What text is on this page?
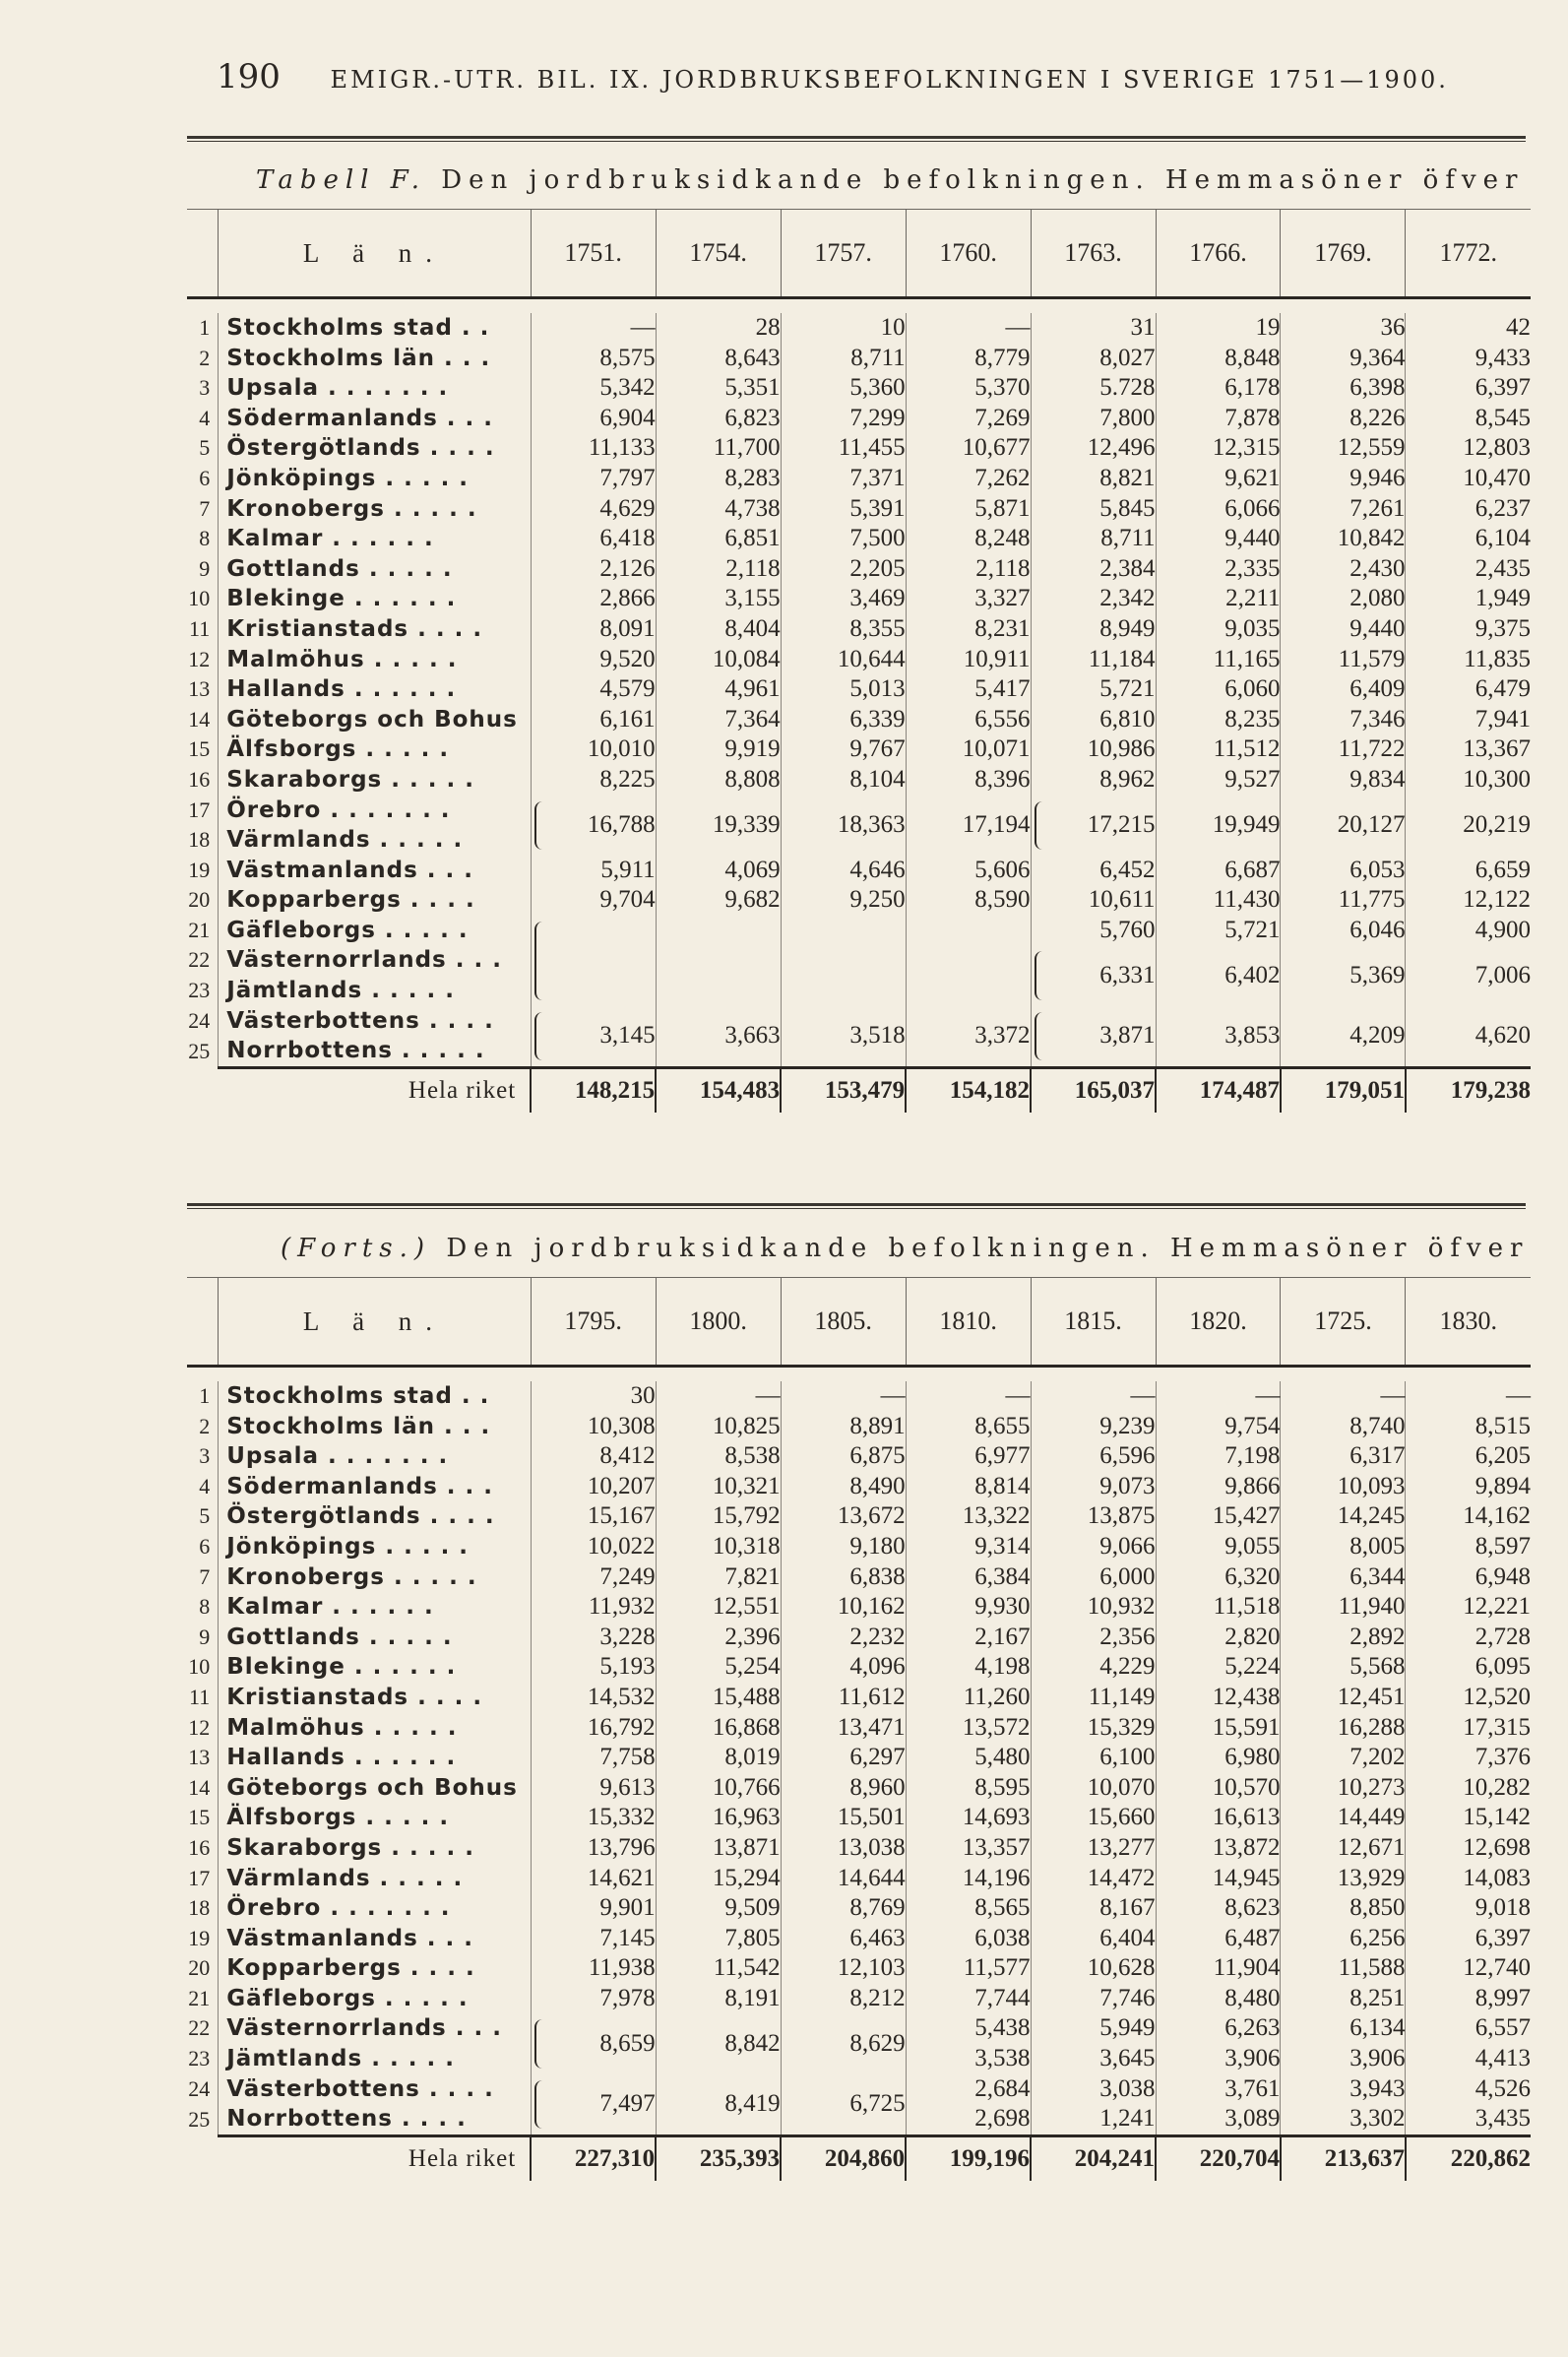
190 EMIGR.-UTR. BIL. IX. JORDBRUKSBEFOLKNINGEN I SVERIGE 1751—1900.
Tabell F. Den jordbruksidkande befolkningen. Hemmasöner öfver
	L ä n.	1751.	1754.	1757.	1760.	1763.	1766.	1769.	1772.

1	Stockholms stad . .	—	28	10	—	31	19	36	42
2	Stockholms län . . .	8,575	8,643	8,711	8,779	8,027	8,848	9,364	9,433
3	Upsala . . . . . . .	5,342	5,351	5,360	5,370	5.728	6,178	6,398	6,397
4	Södermanlands . . .	6,904	6,823	7,299	7,269	7,800	7,878	8,226	8,545
5	Östergötlands . . . .	11,133	11,700	11,455	10,677	12,496	12,315	12,559	12,803
6	Jönköpings . . . . .	7,797	8,283	7,371	7,262	8,821	9,621	9,946	10,470
7	Kronobergs . . . . .	4,629	4,738	5,391	5,871	5,845	6,066	7,261	6,237
8	Kalmar . . . . . .	6,418	6,851	7,500	8,248	8,711	9,440	10,842	6,104
9	Gottlands . . . . .	2,126	2,118	2,205	2,118	2,384	2,335	2,430	2,435
10	Blekinge . . . . . .	2,866	3,155	3,469	3,327	2,342	2,211	2,080	1,949
11	Kristianstads . . . .	8,091	8,404	8,355	8,231	8,949	9,035	9,440	9,375
12	Malmöhus . . . . .	9,520	10,084	10,644	10,911	11,184	11,165	11,579	11,835
13	Hallands . . . . . .	4,579	4,961	5,013	5,417	5,721	6,060	6,409	6,479
14	Göteborgs och Bohus	6,161	7,364	6,339	6,556	6,810	8,235	7,346	7,941
15	Älfsborgs . . . . .	10,010	9,919	9,767	10,071	10,986	11,512	11,722	13,367
16	Skaraborgs . . . . .	8,225	8,808	8,104	8,396	8,962	9,527	9,834	10,300
17	Örebro . . . . . . .	16,788	19,339	18,363	17,194	17,215	19,949	20,127	20,219
18	Värmlands . . . . .								
19	Västmanlands . . .	5,911	4,069	4,646	5,606	6,452	6,687	6,053	6,659
20	Kopparbergs . . . .	9,704	9,682	9,250	8,590	10,611	11,430	11,775	12,122
21	Gäfleborgs . . . . .					5,760	5,721	6,046	4,900
22	Västernorrlands . . .					6,331	6,402	5,369	7,006
23	Jämtlands . . . . .								
24	Västerbottens . . . .	3,145	3,663	3,518	3,372	3,871	3,853	4,209	4,620
25	Norrbottens . . . . .								
	Hela riket	148,215	154,483	153,479	154,182	165,037	174,487	179,051	179,238
(Forts.) Den jordbruksidkande befolkningen. Hemmasöner öfver
	L ä n.	1795.	1800.	1805.	1810.	1815.	1820.	1725.	1830.

1	Stockholms stad . .	30	—	—	—	—	—	—	—
2	Stockholms län . . .	10,308	10,825	8,891	8,655	9,239	9,754	8,740	8,515
3	Upsala . . . . . . .	8,412	8,538	6,875	6,977	6,596	7,198	6,317	6,205
4	Södermanlands . . .	10,207	10,321	8,490	8,814	9,073	9,866	10,093	9,894
5	Östergötlands . . . .	15,167	15,792	13,672	13,322	13,875	15,427	14,245	14,162
6	Jönköpings . . . . .	10,022	10,318	9,180	9,314	9,066	9,055	8,005	8,597
7	Kronobergs . . . . .	7,249	7,821	6,838	6,384	6,000	6,320	6,344	6,948
8	Kalmar . . . . . .	11,932	12,551	10,162	9,930	10,932	11,518	11,940	12,221
9	Gottlands . . . . .	3,228	2,396	2,232	2,167	2,356	2,820	2,892	2,728
10	Blekinge . . . . . .	5,193	5,254	4,096	4,198	4,229	5,224	5,568	6,095
11	Kristianstads . . . .	14,532	15,488	11,612	11,260	11,149	12,438	12,451	12,520
12	Malmöhus . . . . .	16,792	16,868	13,471	13,572	15,329	15,591	16,288	17,315
13	Hallands . . . . . .	7,758	8,019	6,297	5,480	6,100	6,980	7,202	7,376
14	Göteborgs och Bohus	9,613	10,766	8,960	8,595	10,070	10,570	10,273	10,282
15	Älfsborgs . . . . .	15,332	16,963	15,501	14,693	15,660	16,613	14,449	15,142
16	Skaraborgs . . . . .	13,796	13,871	13,038	13,357	13,277	13,872	12,671	12,698
17	Värmlands . . . . .	14,621	15,294	14,644	14,196	14,472	14,945	13,929	14,083
18	Örebro . . . . . . .	9,901	9,509	8,769	8,565	8,167	8,623	8,850	9,018
19	Västmanlands . . .	7,145	7,805	6,463	6,038	6,404	6,487	6,256	6,397
20	Kopparbergs . . . .	11,938	11,542	12,103	11,577	10,628	11,904	11,588	12,740
21	Gäfleborgs . . . . .	7,978	8,191	8,212	7,744	7,746	8,480	8,251	8,997
22	Västernorrlands . . .	8,659	8,842	8,629	5,438	5,949	6,263	6,134	6,557
23	Jämtlands . . . . .				3,538	3,645	3,906	3,906	4,413
24	Västerbottens . . . .	7,497	8,419	6,725	2,684	3,038	3,761	3,943	4,526
25	Norrbottens . . . .				2,698	1,241	3,089	3,302	3,435
	Hela riket	227,310	235,393	204,860	199,196	204,241	220,704	213,637	220,862
